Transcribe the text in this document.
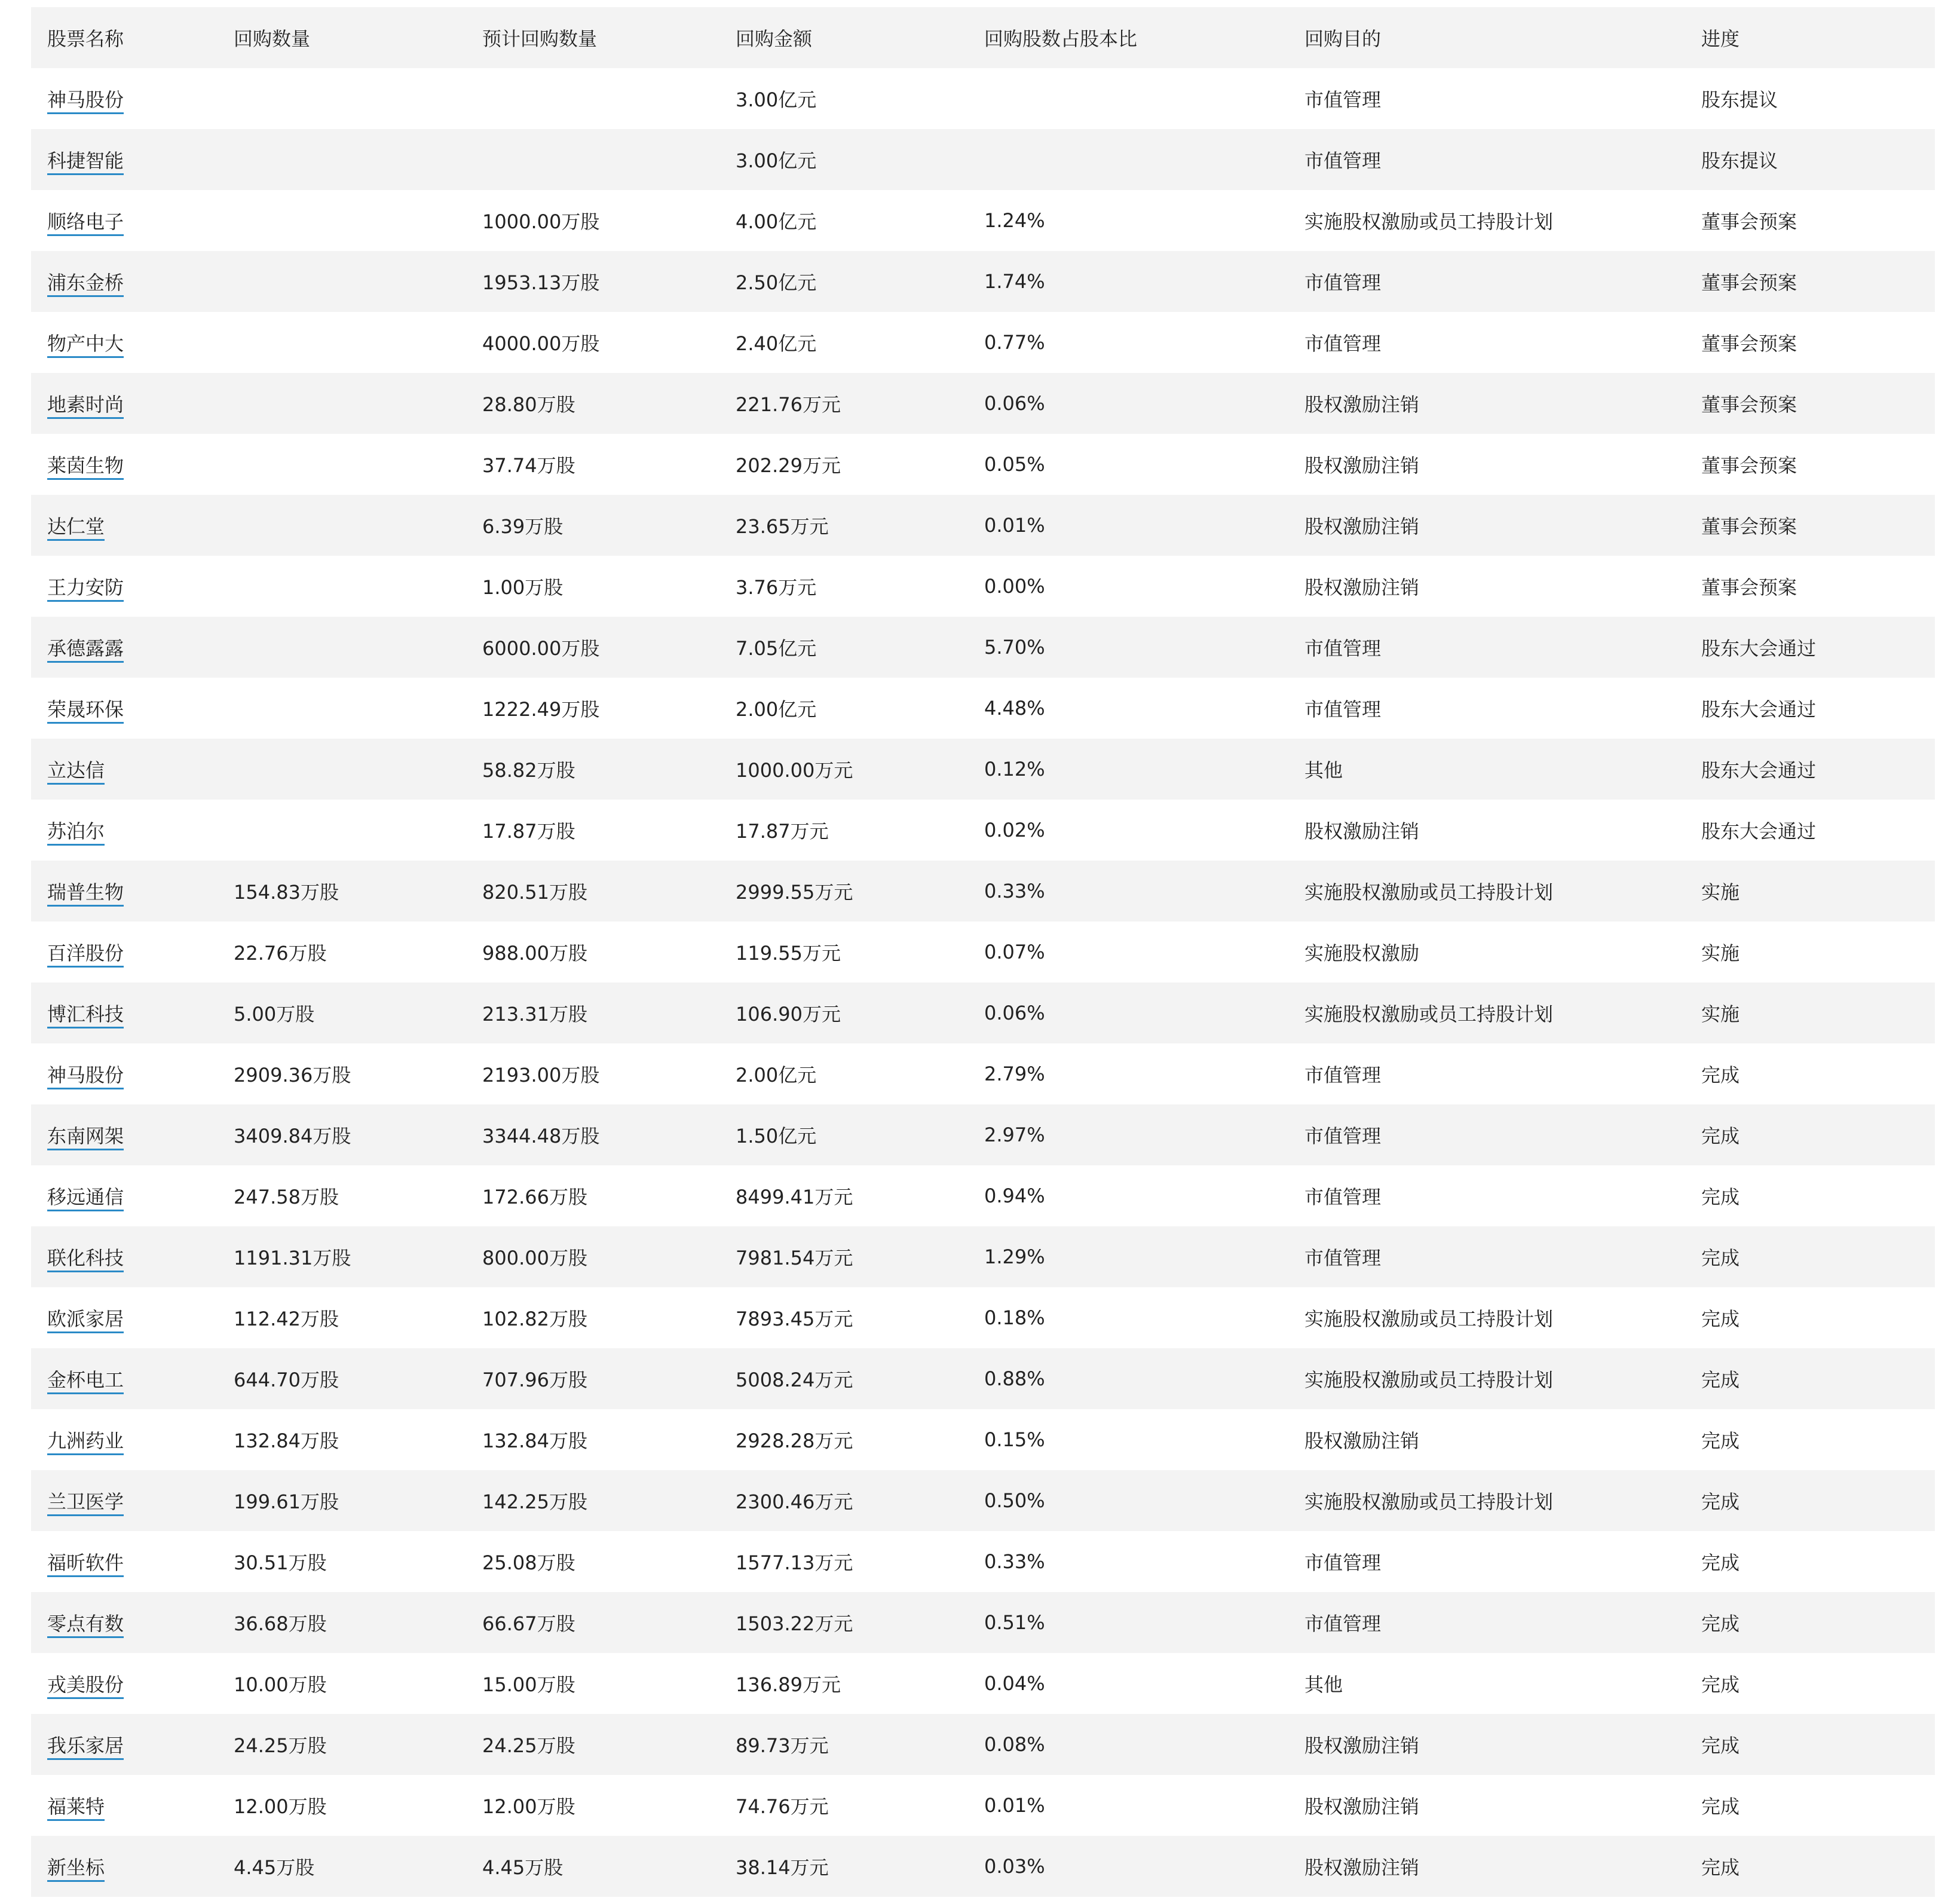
股票名称	回购数量	预计回购数量	回购金额	回购股数占股本比	回购目的	进度
神马股份			3.00亿元		市值管理	股东提议
科捷智能			3.00亿元		市值管理	股东提议
顺络电子		1000.00万股	4.00亿元	1.24%	实施股权激励或员工持股计划	董事会预案
浦东金桥		1953.13万股	2.50亿元	1.74%	市值管理	董事会预案
物产中大		4000.00万股	2.40亿元	0.77%	市值管理	董事会预案
地素时尚		28.80万股	221.76万元	0.06%	股权激励注销	董事会预案
莱茵生物		37.74万股	202.29万元	0.05%	股权激励注销	董事会预案
达仁堂		6.39万股	23.65万元	0.01%	股权激励注销	董事会预案
王力安防		1.00万股	3.76万元	0.00%	股权激励注销	董事会预案
承德露露		6000.00万股	7.05亿元	5.70%	市值管理	股东大会通过
荣晟环保		1222.49万股	2.00亿元	4.48%	市值管理	股东大会通过
立达信		58.82万股	1000.00万元	0.12%	其他	股东大会通过
苏泊尔		17.87万股	17.87万元	0.02%	股权激励注销	股东大会通过
瑞普生物	154.83万股	820.51万股	2999.55万元	0.33%	实施股权激励或员工持股计划	实施
百洋股份	22.76万股	988.00万股	119.55万元	0.07%	实施股权激励	实施
博汇科技	5.00万股	213.31万股	106.90万元	0.06%	实施股权激励或员工持股计划	实施
神马股份	2909.36万股	2193.00万股	2.00亿元	2.79%	市值管理	完成
东南网架	3409.84万股	3344.48万股	1.50亿元	2.97%	市值管理	完成
移远通信	247.58万股	172.66万股	8499.41万元	0.94%	市值管理	完成
联化科技	1191.31万股	800.00万股	7981.54万元	1.29%	市值管理	完成
欧派家居	112.42万股	102.82万股	7893.45万元	0.18%	实施股权激励或员工持股计划	完成
金杯电工	644.70万股	707.96万股	5008.24万元	0.88%	实施股权激励或员工持股计划	完成
九洲药业	132.84万股	132.84万股	2928.28万元	0.15%	股权激励注销	完成
兰卫医学	199.61万股	142.25万股	2300.46万元	0.50%	实施股权激励或员工持股计划	完成
福昕软件	30.51万股	25.08万股	1577.13万元	0.33%	市值管理	完成
零点有数	36.68万股	66.67万股	1503.22万元	0.51%	市值管理	完成
戎美股份	10.00万股	15.00万股	136.89万元	0.04%	其他	完成
我乐家居	24.25万股	24.25万股	89.73万元	0.08%	股权激励注销	完成
福莱特	12.00万股	12.00万股	74.76万元	0.01%	股权激励注销	完成
新坐标	4.45万股	4.45万股	38.14万元	0.03%	股权激励注销	完成
